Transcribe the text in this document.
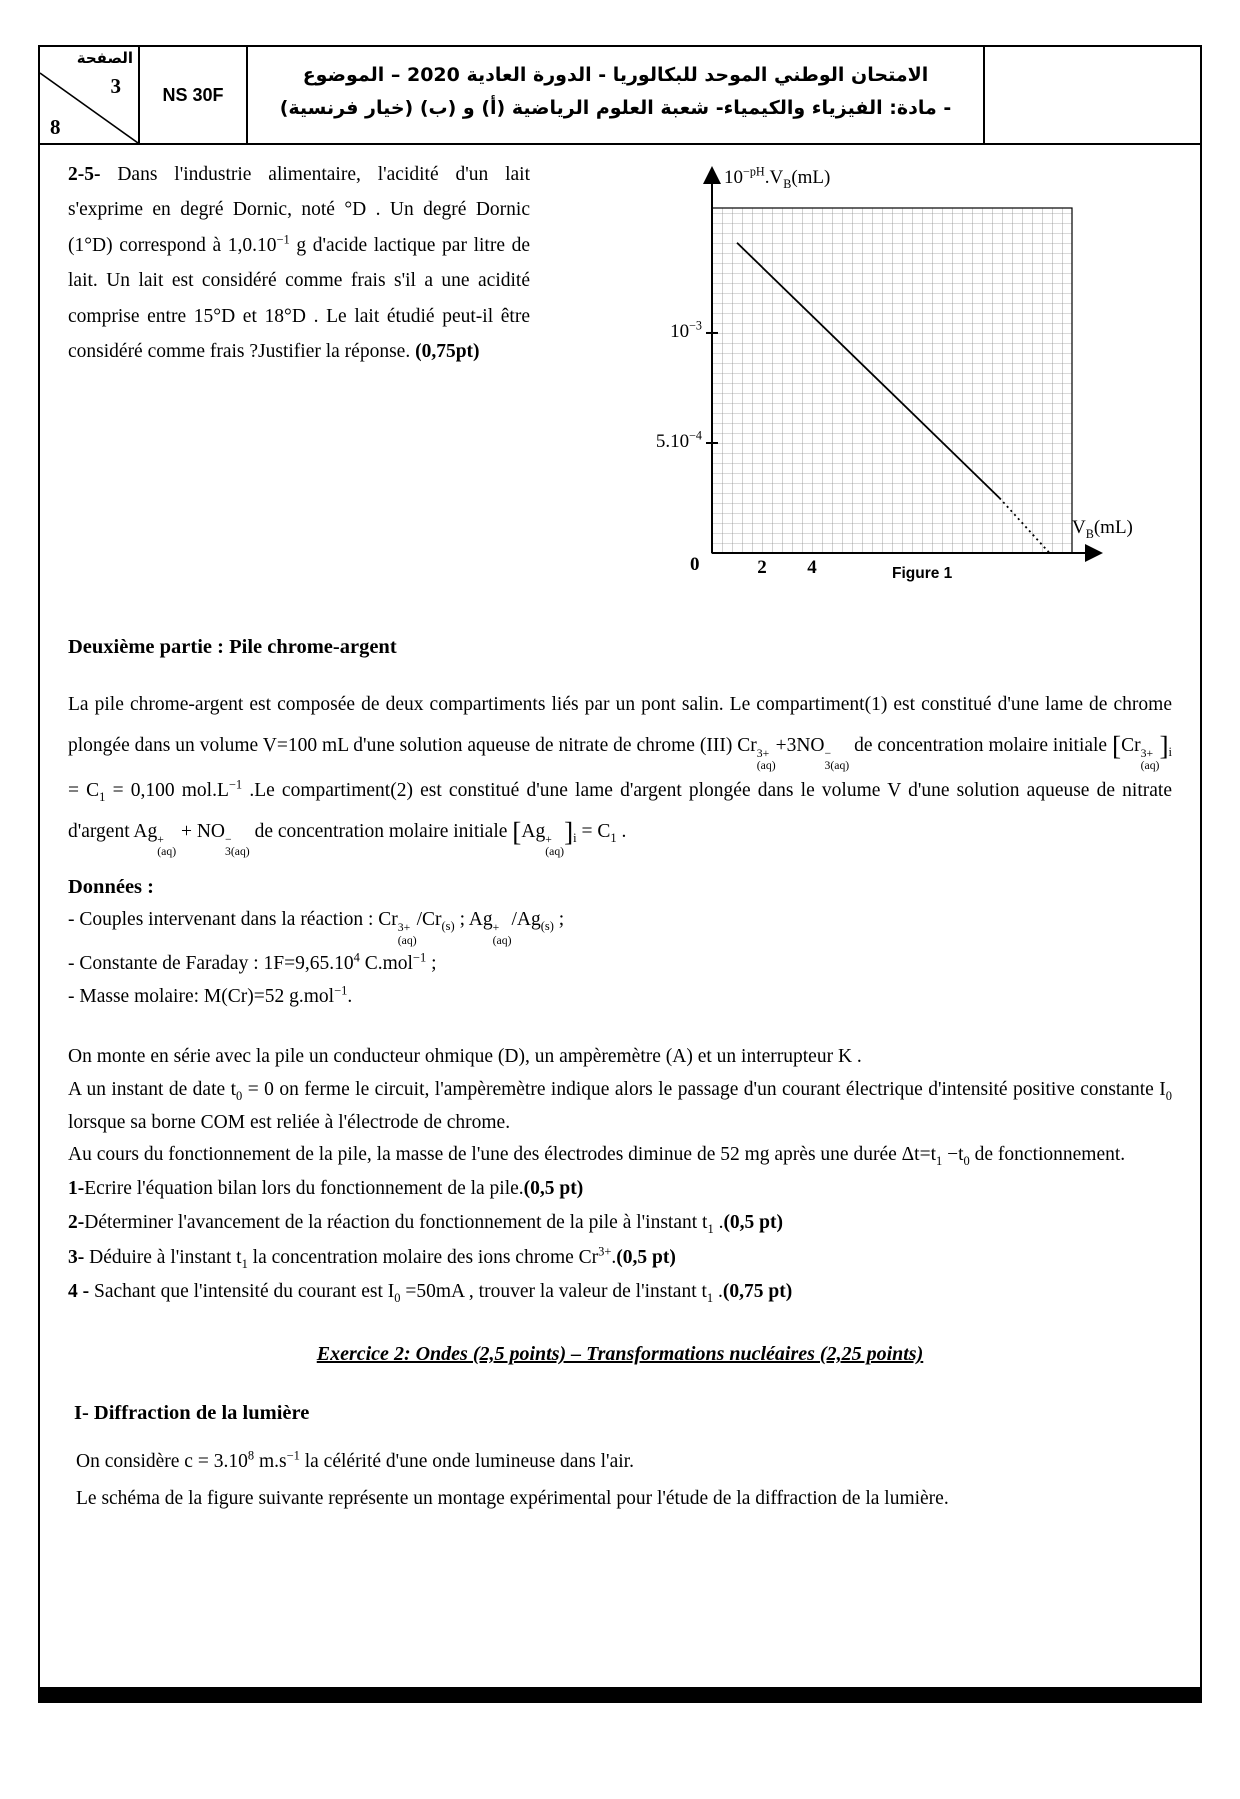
الصفحة
3
8
NS 30F
الامتحان الوطني الموحد للبكالوريا - الدورة العادية 2020 – الموضوع
- مادة: الفيزياء والكيمياء- شعبة العلوم الرياضية (أ) و (ب) (خيار فرنسية)

2-5- Dans l'industrie alimentaire, l'acidité d'un lait s'exprime en degré Dornic, noté °D . Un degré Dornic (1°D) correspond à $1,0.10^{-1}$ g d'acide lactique par litre de lait. Un lait est considéré comme frais s'il a une acidité comprise entre 15°D et 18°D . Le lait étudié peut-il être considéré comme frais ?Justifier la réponse. (0,75pt)

$10^{-pH}.V_B(mL)$
$10^{-3}$
$5.10^{-4}$
2 4
0
$V_B(mL)$
Figure 1
Deuxième partie : Pile chrome-argent

La pile chrome-argent est composée de deux compartiments liés par un pont salin. Le compartiment(1) est constitué d'une lame de chrome plongée dans un volume V=100 mL d'une solution aqueuse de nitrate de chrome (III) Cr 3+
(aq)
+3NO −
3(aq)
de concentration molaire initiale [Cr 3+
(aq)
]$_i = C_1 = 0,100$ $mol.L^{-1}$ .Le compartiment(2) est constitué d'une lame d'argent plongée dans le volume V d'une solution aqueuse de nitrate d'argent Ag +
(aq)
+ NO −
3(aq)
de concentration molaire initiale [Ag +
(aq)
]$_i = C_1$ .

Données :
- Couples intervenant dans la réaction : Cr 3+
(aq)
$/Cr_{(s)}$ ; Ag +
(aq)
$/Ag_{(s)}$ ;
- Constante de Faraday : $1F=9,65.10^4$ C.mol$^{-1}$ ;
- Masse molaire: M(Cr)=52 g.mol$^{-1}$.
On monte en série avec la pile un conducteur ohmique (D), un ampèremètre (A) et un interrupteur K .
A un instant de date $t_0 = 0$ on ferme le circuit, l'ampèremètre indique alors le passage d'un courant électrique d'intensité positive constante $I_0$ lorsque sa borne COM est reliée à l'électrode de chrome.
Au cours du fonctionnement de la pile, la masse de l'une des électrodes diminue de 52 mg après une durée $\Delta t=t_1 -t_0$ de fonctionnement.
1-Ecrire l'équation bilan lors du fonctionnement de la pile.(0,5 pt)
2-Déterminer l'avancement de la réaction du fonctionnement de la pile à l'instant $t_1$ .(0,5 pt)
3- Déduire à l'instant $t_1$ la concentration molaire des ions chrome $Cr^{3+}.(0,5$ pt)
4 - Sachant que l'intensité du courant est $I_0 =50mA$ , trouver la valeur de l'instant $t_1$ .(0,75 pt)
Exercice 2: Ondes (2,5 points) – Transformations nucléaires (2,25 points)
I- Diffraction de la lumière
On considère $c = 3.10^8$ $m.s^{-1}$ la célérité d'une onde lumineuse dans l'air.
Le schéma de la figure suivante représente un montage expérimental pour l'étude de la diffraction de la lumière.
